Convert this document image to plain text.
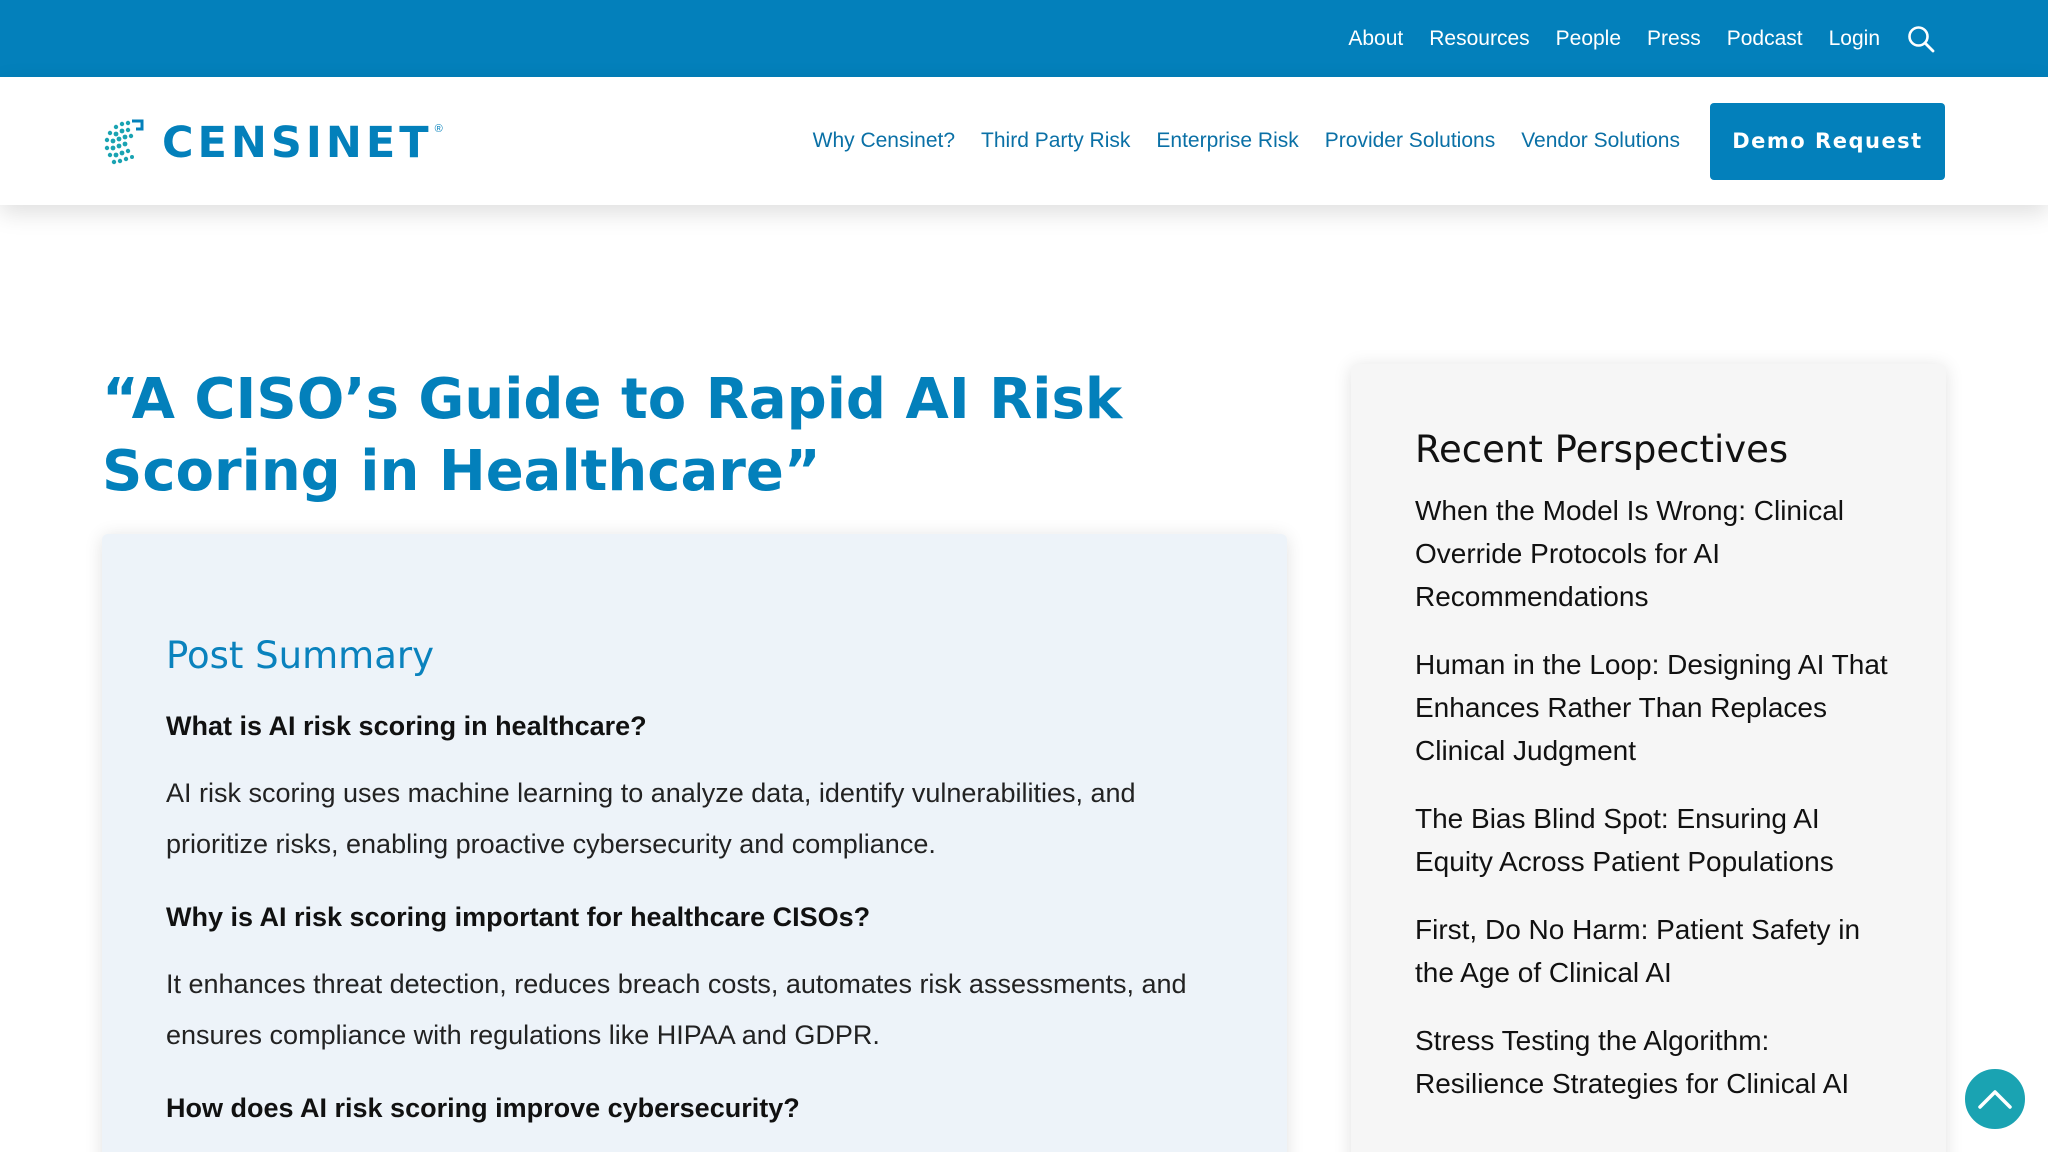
About Resources People Press Podcast Login
CENSINET ®	Why Censinet? Third Party Risk Enterprise Risk Provider Solutions Vendor Solutions	Demo Request
“A CISO’s Guide to Rapid AI Risk Scoring in Healthcare”
Post Summary

What is AI risk scoring in healthcare?

AI risk scoring uses machine learning to analyze data, identify vulnerabilities, and prioritize risks, enabling proactive cybersecurity and compliance.

Why is AI risk scoring important for healthcare CISOs?

It enhances threat detection, reduces breach costs, automates risk assessments, and ensures compliance with regulations like HIPAA and GDPR.

How does AI risk scoring improve cybersecurity?

Recent Perspectives
When the Model Is Wrong: Clinical Override Protocols for AI Recommendations
Human in the Loop: Designing AI That Enhances Rather Than Replaces Clinical Judgment
The Bias Blind Spot: Ensuring AI Equity Across Patient Populations
First, Do No Harm: Patient Safety in the Age of Clinical AI
Stress Testing the Algorithm: Resilience Strategies for Clinical AI
